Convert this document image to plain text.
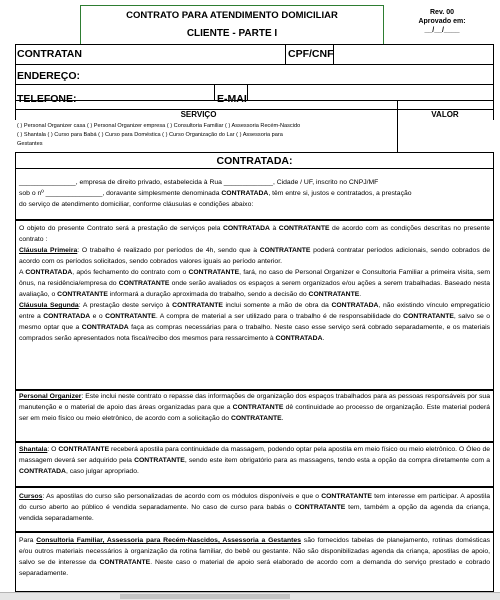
CONTRATO PARA ATENDIMENTO DOMICILIAR
CLIENTE - PARTE I
Rev. 00
Aprovado em:
__/__/____
CONTRATAN	CPF/CNF
ENDEREÇO:
TELEFONE:	E-MAI
SERVIÇO	VALOR
( ) Personal Organizer casa ( ) Personal Organizer empresa ( ) Consultoria Familiar ( ) Assessoria Recém-Nascido
( ) Shantala ( ) Curso para Babá ( ) Curso para Doméstica ( ) Curso Organização do Lar ( ) Assessoria para
Gestantes
CONTRATADA:
_______________, empresa de direito privado, estabelecida à Rua _____________, Cidade / UF, inscrito no CNPJ/MF
sob o nº _______________, doravante simplesmente denominada CONTRATADA, têm entre si, justos e contratados, a prestação
do serviço de atendimento domiciliar, conforme cláusulas e condições abaixo:
O objeto do presente Contrato será a prestação de serviços pela CONTRATADA à CONTRATANTE de acordo com as condições descritas no presente contrato :
Cláusula Primeira: O trabalho é realizado por períodos de 4h, sendo que à CONTRATANTE poderá contratar períodos adicionais, sendo cobrados de acordo com os períodos solicitados, sendo cobrados valores iguais ao período anterior.
A CONTRATADA, após fechamento do contrato com o CONTRATANTE, fará, no caso de Personal Organizer e Consultoria Familiar a primeira visita, sem ônus, na residência/empresa do CONTRATANTE onde serão avaliados os espaços a serem organizados e/ou ações a serem trabalhadas. Baseado nesta avaliação, o CONTRATANTE informará a duração aproximada do trabalho, sendo a decisão do CONTRATANTE.
Cláusula Segunda: A prestação deste serviço à CONTRATANTE inclui somente a mão de obra da CONTRATADA, não existindo vínculo empregatício entre a CONTRATADA e o CONTRATANTE. A compra de material a ser utilizado para o trabalho é de responsabilidade do CONTRATANTE, salvo se o mesmo optar que a CONTRATADA faça as compras necessárias para o trabalho. Neste caso esse serviço será cobrado separadamente, e os materiais comprados serão apresentados nota fiscal/recibo dos mesmos para ressarcimento à CONTRATADA.
Personal Organizer: Este inclui neste contrato o repasse das informações de organização dos espaços trabalhados para as pessoas responsáveis por sua manutenção e o material de apoio das áreas organizadas para que a CONTRATANTE dê continuidade ao processo de organização. Este material poderá ser em meio físico ou meio eletrônico, de acordo com a solicitação do CONTRATANTE.
Shantala: O CONTRATANTE receberá apostila para continuidade da massagem, podendo optar pela apostila em meio físico ou meio eletrônico. O Óleo de massagem deverá ser adquirido pela CONTRATANTE, sendo este item obrigatório para as massagens, tendo esta a opção da compra diretamente com a CONTRATADA, caso julgar apropriado.
Cursos: As apostilas do curso são personalizadas de acordo com os módulos disponíveis e que o CONTRATANTE tem interesse em participar. A apostila do curso aberto ao público é vendida separadamente. No caso de curso para babás o CONTRATANTE tem, também a opção da agenda da criança, vendida separadamente.
Para Consultoria Familiar, Assessoria para Recém-Nascidos, Assessoria a Gestantes são fornecidos tabelas de planejamento, rotinas domésticas e/ou outros materiais necessários à organização da rotina familiar, do bebê ou gestante. Não são disponibilizadas agenda da criança, apostilas de apoio, salvo se de interesse da CONTRATANTE. Neste caso o material de apoio será elaborado de acordo com a demanda do serviço prestado e cobrado separadamente.
